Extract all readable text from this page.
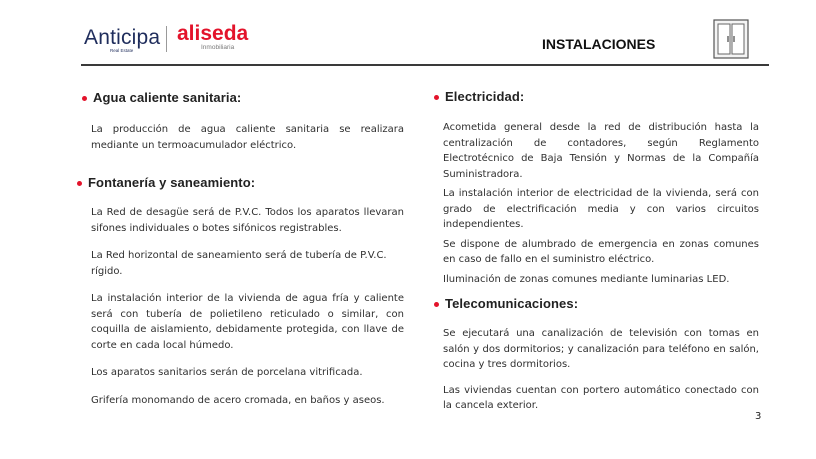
Anticipa
Real Estate
aliseda
Inmobiliaria	INSTALACIONES
Agua caliente sanitaria:

La producción de agua caliente sanitaria se realizara mediante un termoacumulador eléctrico.

Fontanería y saneamiento:

La Red de desagüe será de P.V.C. Todos los aparatos llevaran sifones individuales o botes sifónicos registrables.

La Red horizontal de saneamiento será de tubería de P.V.C. rígido.

La instalación interior de la vivienda de agua fría y caliente será con tubería de polietileno reticulado o similar, con coquilla de aislamiento, debidamente protegida, con llave de corte en cada local húmedo.

Los aparatos sanitarios serán de porcelana vitrificada.

Grifería monomando de acero cromada, en baños y aseos.

Electricidad:

Acometida general desde la red de distribución hasta la centralización de contadores, según Reglamento Electrotécnico de Baja Tensión y Normas de la Compañía Suministradora.

La instalación interior de electricidad de la vivienda, será con grado de electrificación media y con varios circuitos independientes.

Se dispone de alumbrado de emergencia en zonas comunes en caso de fallo en el suministro eléctrico.

Iluminación de zonas comunes mediante luminarias LED.

Telecomunicaciones:

Se ejecutará una canalización de televisión con tomas en salón y dos dormitorios; y canalización para teléfono en salón, cocina y tres dormitorios.

Las viviendas cuentan con portero automático conectado con la cancela exterior.

3
